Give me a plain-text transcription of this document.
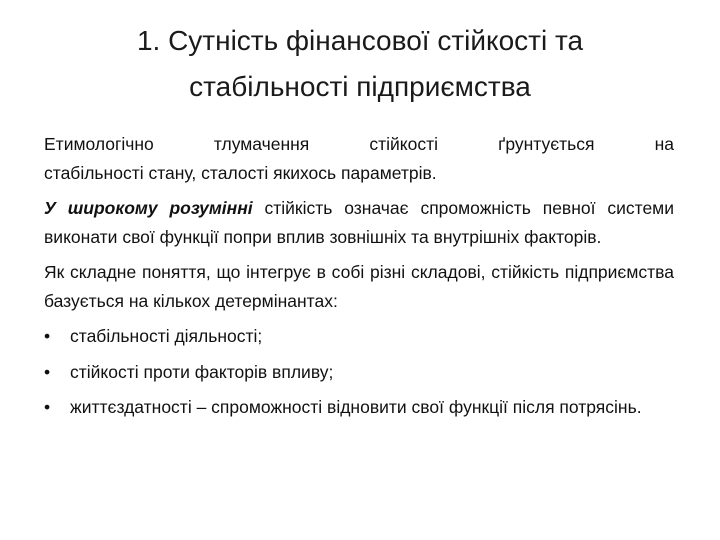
1. Сутність фінансової стійкості та
стабільності підприємства
Етимологічно тлумачення стійкості ґрунтується на
стабільності стану, сталості якихось параметрів.
У широкому розумінні стійкість означає спроможність певної системи виконати свої функції попри вплив зовнішніх та внутрішніх факторів.
Як складне поняття, що інтегрує в собі різні складові, стійкість підприємства базується на кількох детермінантах:
•	стабільності діяльності;
•	стійкості проти факторів впливу;
•	життєздатності – спроможності відновити свої функції після потрясінь.
